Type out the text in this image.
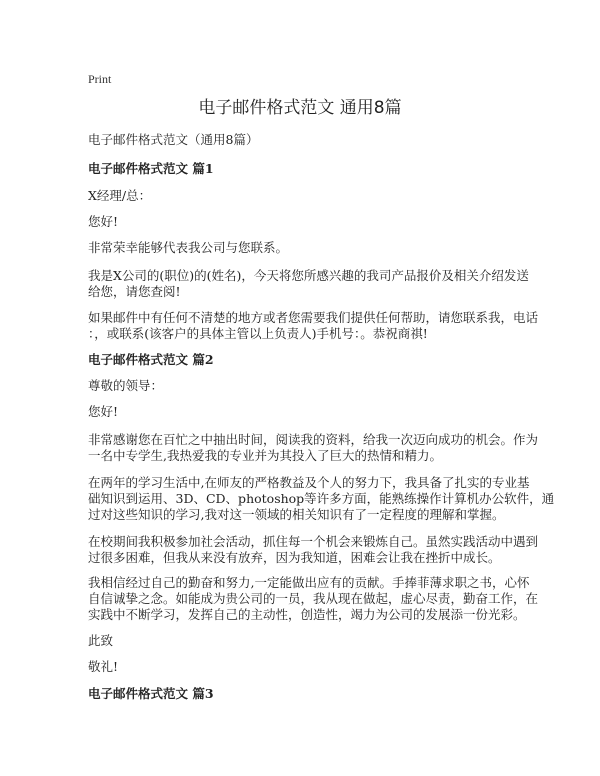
Print
电子邮件格式范文 通用8篇
电子邮件格式范文（通用8篇）
电子邮件格式范文 篇1
X经理/总：
您好!
非常荣幸能够代表我公司与您联系。
我是X公司的(职位)的(姓名)，今天将您所感兴趣的我司产品报价及相关介绍发送
给您，请您查阅!
如果邮件中有任何不清楚的地方或者您需要我们提供任何帮助，请您联系我，电话
：，或联系(该客户的具体主管以上负责人)手机号：。恭祝商祺!
电子邮件格式范文 篇2
尊敬的领导：
您好!
非常感谢您在百忙之中抽出时间，阅读我的资料，给我一次迈向成功的机会。作为
一名中专学生,我热爱我的专业并为其投入了巨大的热情和精力。
在两年的学习生活中,在师友的严格教益及个人的努力下，我具备了扎实的专业基
础知识到运用、3D、CD、photoshop等许多方面，能熟练操作计算机办公软件，通
过对这些知识的学习,我对这一领域的相关知识有了一定程度的理解和掌握。
在校期间我积极参加社会活动，抓住每一个机会来锻炼自己。虽然实践活动中遇到
过很多困难，但我从来没有放弃，因为我知道，困难会让我在挫折中成长。
我相信经过自己的勤奋和努力,一定能做出应有的贡献。手捧菲薄求职之书，心怀
自信诚挚之念。如能成为贵公司的一员，我从现在做起，虚心尽责，勤奋工作，在
实践中不断学习，发挥自己的主动性，创造性，竭力为公司的发展添一份光彩。
此致
敬礼!
电子邮件格式范文 篇3
